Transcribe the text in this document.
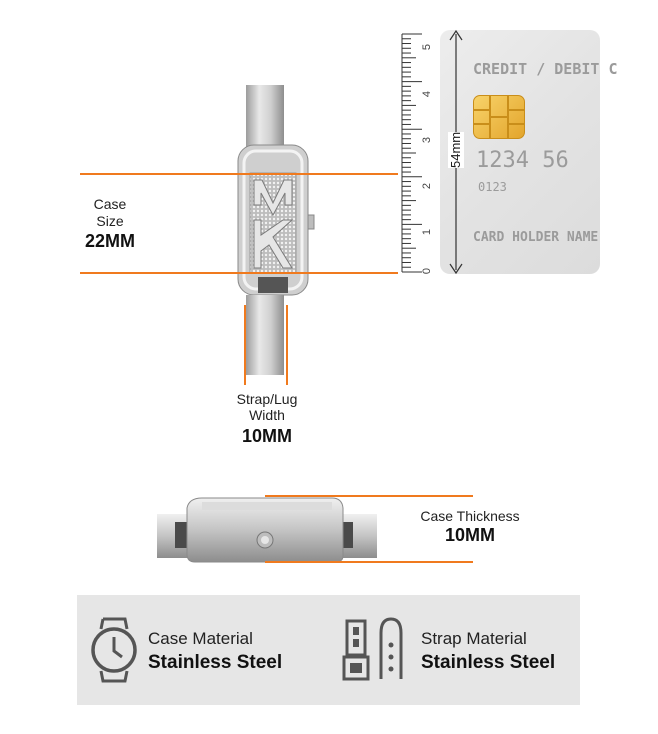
CREDIT / DEBIT C
1234 56
0123
CARD HOLDER NAME
5
4
3
2
1
0
54mm
Case
Size
22MM
Strap/Lug
Width
10MM
Case Thickness
10MM
Case Material
Stainless Steel
Strap Material
Stainless Steel
